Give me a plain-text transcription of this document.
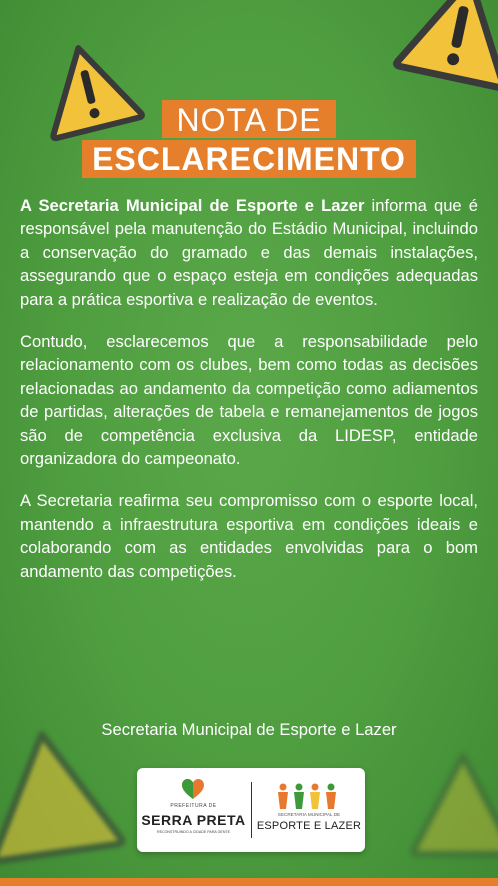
NOTA DE
ESCLARECIMENTO

A Secretaria Municipal de Esporte e Lazer informa que é responsável pela manutenção do Estádio Municipal, incluindo a conservação do gramado e das demais instalações, assegurando que o espaço esteja em condições adequadas para a prática esportiva e realização de eventos.

Contudo, esclarecemos que a responsabilidade pelo relacionamento com os clubes, bem como todas as decisões relacionadas ao andamento da competição como adiamentos de partidas, alterações de tabela e remanejamentos de jogos são de competência exclusiva da LIDESP, entidade organizadora do campeonato.

A Secretaria reafirma seu compromisso com o esporte local, mantendo a infraestrutura esportiva em condições ideais e colaborando com as entidades envolvidas para o bom andamento das competições.

Secretaria Municipal de Esporte e Lazer
PREFEITURA DE
SERRA PRETA
RECONSTRUINDO A CIDADE PARA GENTE
SECRETARIA MUNICIPAL DE
ESPORTE E LAZER
